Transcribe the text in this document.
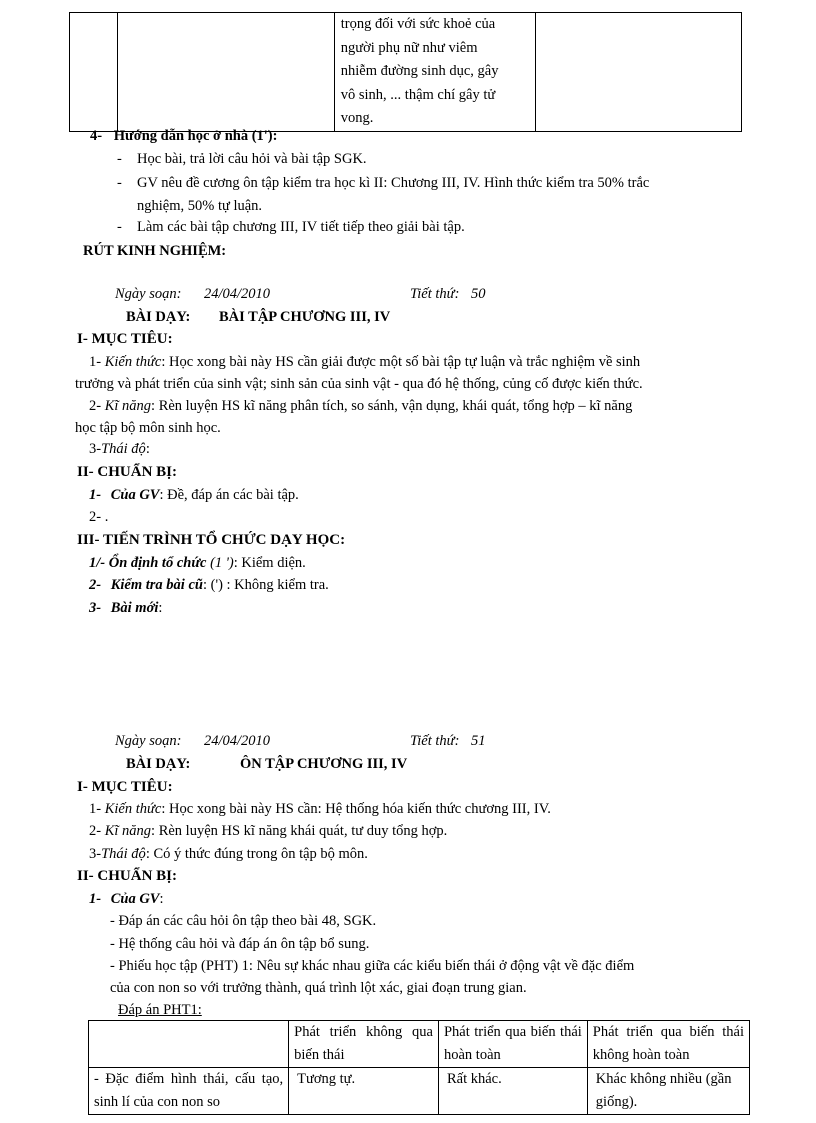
trọng đối với sức khoẻ của
người phụ nữ như viêm
nhiễm đường sinh dục, gây
vô sinh, ... thậm chí gây tử
vong.

4- Hướng dẫn học ở nhà (1'):
- Học bài, trả lời câu hỏi và bài tập SGK.
- GV nêu đề cương ôn tập kiểm tra học kì II: Chương III, IV. Hình thức kiểm tra 50% trắc
nghiệm, 50% tự luận.
- Làm các bài tập chương III, IV tiết tiếp theo giải bài tập.
RÚT KINH NGHIỆM:
Ngày soạn: 24/04/2010	Tiết thứ: 50
BÀI DẠY: BÀI TẬP CHƯƠNG III, IV
I- MỤC TIÊU:
1- Kiến thức: Học xong bài này HS cần giải được một số bài tập tự luận và trắc nghiệm về sinh
trưởng và phát triển của sinh vật; sinh sản của sinh vật - qua đó hệ thống, củng cố được kiến thức.
2- Kĩ năng: Rèn luyện HS kĩ năng phân tích, so sánh, vận dụng, khái quát, tổng hợp – kĩ năng
học tập bộ môn sinh học.
3-Thái độ:
II- CHUẨN BỊ:
1- Của GV: Đề, đáp án các bài tập.
2- .
III- TIẾN TRÌNH TỔ CHỨC DẠY HỌC:
1/- Ổn định tổ chức (1 '): Kiểm diện.
2- Kiểm tra bài cũ: (') : Không kiểm tra.
3- Bài mới:
Ngày soạn: 24/04/2010	Tiết thứ: 51
BÀI DẠY:	ÔN TẬP CHƯƠNG III, IV
I- MỤC TIÊU:
1- Kiến thức: Học xong bài này HS cần: Hệ thống hóa kiến thức chương III, IV.
2- Kĩ năng: Rèn luyện HS kĩ năng khái quát, tư duy tổng hợp.
3-Thái độ: Có ý thức đúng trong ôn tập bộ môn.
II- CHUẨN BỊ:
1- Của GV:
- Đáp án các câu hỏi ôn tập theo bài 48, SGK.
- Hệ thống câu hỏi và đáp án ôn tập bổ sung.
- Phiếu học tập (PHT) 1: Nêu sự khác nhau giữa các kiểu biến thái ở động vật về đặc điểm
của con non so với trưởng thành, quá trình lột xác, giai đoạn trung gian.
Đáp án PHT1:
	Phát triển không qua biến thái	Phát triển qua biến thái hoàn toàn	Phát triển qua biến thái không hoàn toàn
- Đặc điểm hình thái, cấu tạo, sinh lí của con non so	Tương tự.	Rất khác.	Khác không nhiều (gần giống).
